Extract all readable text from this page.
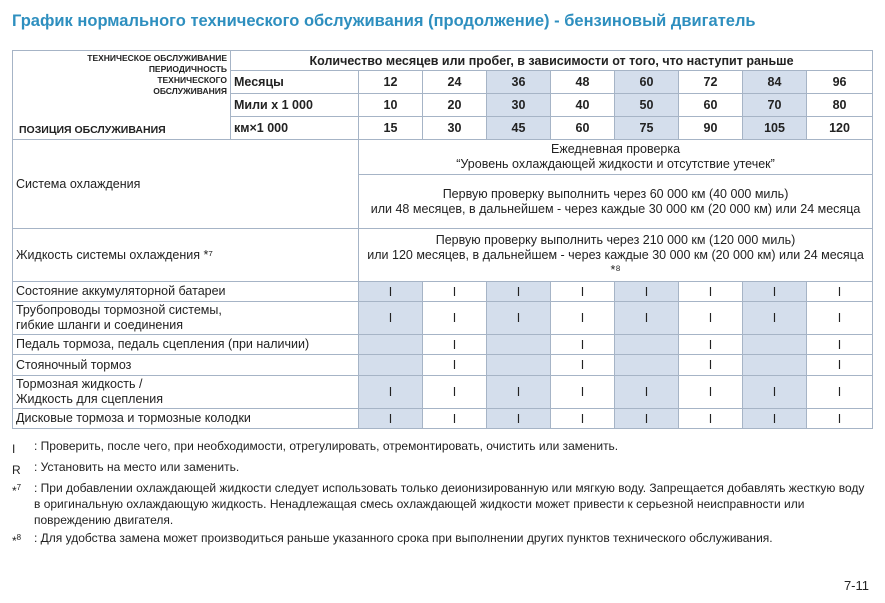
График нормального технического обслуживания (продолжение) - бензиновый двигатель
ТЕХНИЧЕСКОЕ ОБСЛУЖИВАНИЕ
ПЕРИОДИЧНОСТЬ
ТЕХНИЧЕСКОГО
ОБСЛУЖИВАНИЯ
ПОЗИЦИЯ ОБСЛУЖИВАНИЯ	Количество месяцев или пробег, в зависимости от того, что наступит раньше								
	Месяцы	12	24	36	48	60	72	84	96
	Мили х 1 000	10	20	30	40	50	60	70	80
	км×1 000	15	30	45	60	75	90	105	120
Система охлаждения		Ежедневная проверка
“Уровень охлаждающей жидкости и отсутствие утечек”							
		Первую проверку выполнить через 60 000 км (40 000 миль)
или 48 месяцев, в дальнейшем - через каждые 30 000 км (20 000 км) или 24 месяца							
Жидкость системы охлаждения *⁷		Первую проверку выполнить через 210 000 км (120 000 миль)
или 120 месяцев, в дальнейшем - через каждые 30 000 км (20 000 км) или 24 месяца *⁸							
Состояние аккумуляторной батареи		I	I	I	I	I	I	I	I
Трубопроводы тормозной системы,
гибкие шланги и соединения		I	I	I	I	I	I	I	I
Педаль тормоза, педаль сцепления (при наличии)			I		I		I		I
Стояночный тормоз			I		I		I		I
Тормозная жидкость /
Жидкость для сцепления		I	I	I	I	I	I	I	I
Дисковые тормоза и тормозные колодки		I	I	I	I	I	I	I	I
I	: Проверить, после чего, при необходимости, отрегулировать, отремонтировать, очистить или заменить.
R	: Установить на место или заменить.
*$^7$	: При добавлении охлаждающей жидкости следует использовать только деионизированную или мягкую воду. Запрещается добавлять жесткую воду в оригинальную охлаждающую жидкость. Ненадлежащая смесь охлаждающей жидкости может привести к серьезной неисправности или повреждению двигателя.
*$^8$	: Для удобства замена может производиться раньше указанного срока при выполнении других пунктов технического обслуживания.
7-11
